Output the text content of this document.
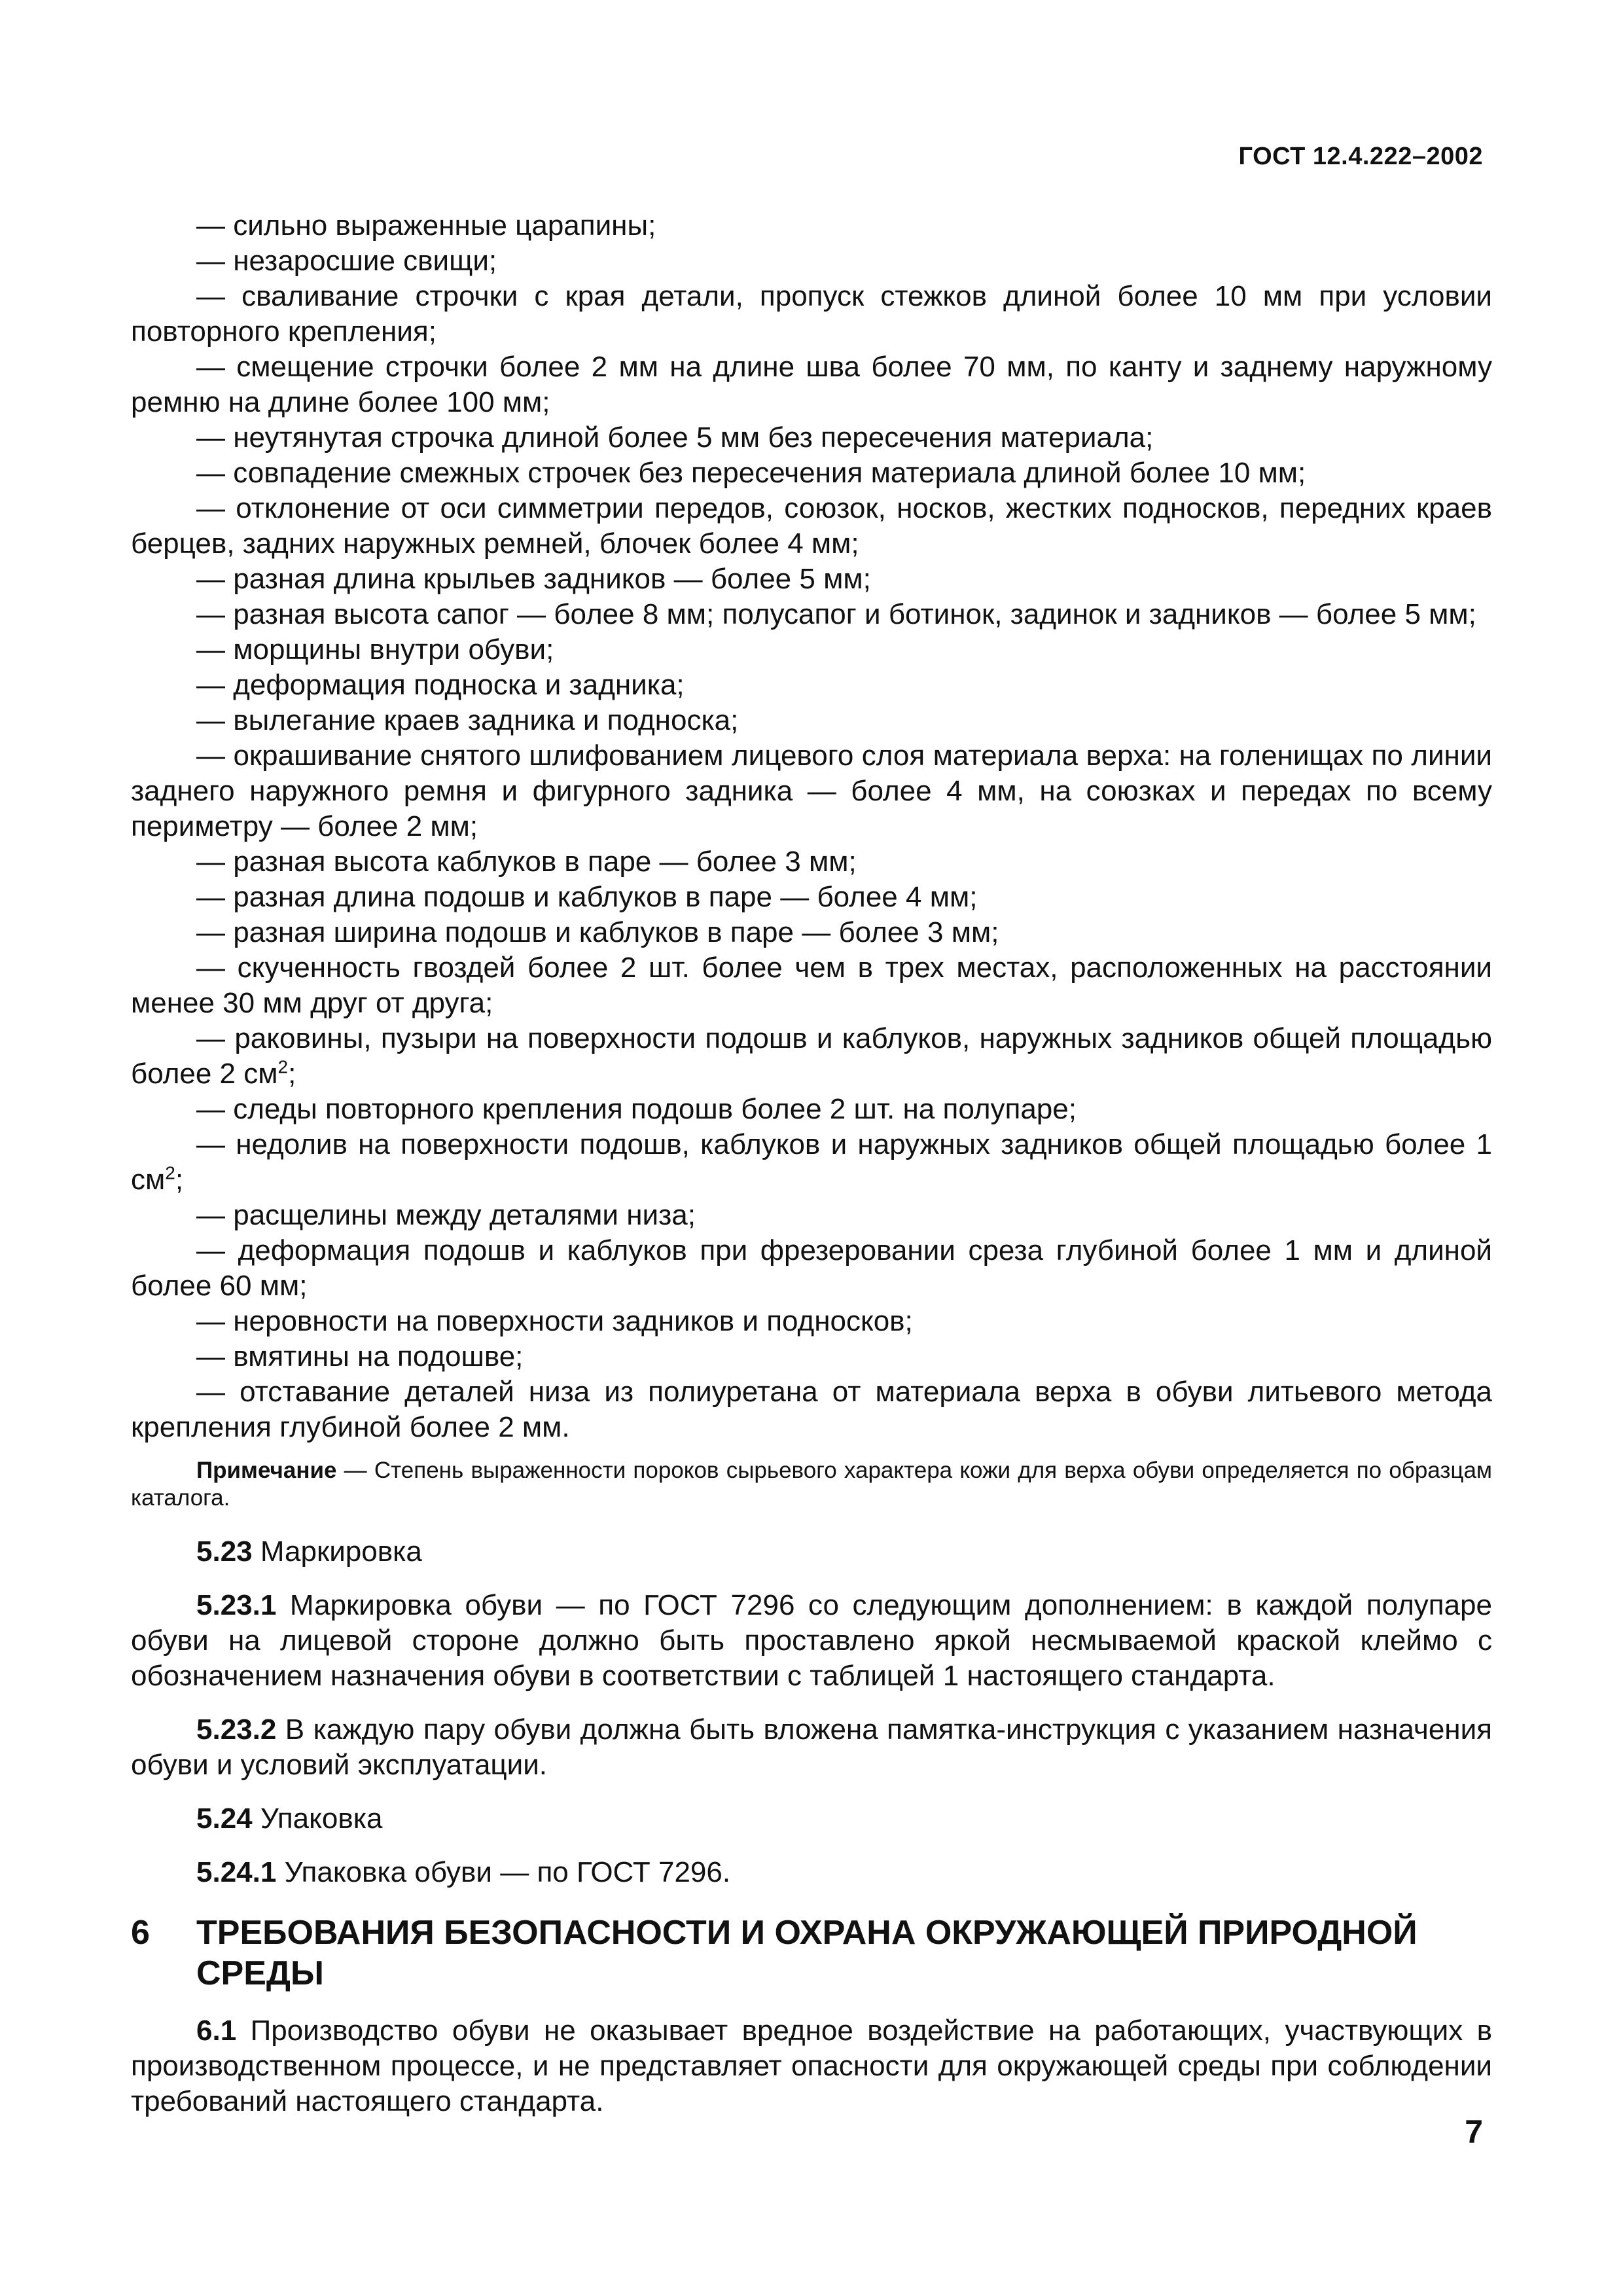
ГОСТ 12.4.222–2002

— сильно выраженные царапины;

— незаросшие свищи;

— сваливание строчки с края детали, пропуск стежков длиной более 10 мм при условии повторного крепления;

— смещение строчки более 2 мм на длине шва более 70 мм, по канту и заднему наружному ремню на длине более 100 мм;

— неутянутая строчка длиной более 5 мм без пересечения материала;

— совпадение смежных строчек без пересечения материала длиной более 10 мм;

— отклонение от оси симметрии передов, союзок, носков, жестких подносков, передних краев берцев, задних наружных ремней, блочек более 4 мм;

— разная длина крыльев задников — более 5 мм;

— разная высота сапог — более 8 мм; полусапог и ботинок, задинок и задников — более 5 мм;

— морщины внутри обуви;

— деформация подноска и задника;

— вылегание краев задника и подноска;

— окрашивание снятого шлифованием лицевого слоя материала верха: на голенищах по линии заднего наружного ремня и фигурного задника — более 4 мм, на союзках и передах по всему периметру — более 2 мм;

— разная высота каблуков в паре — более 3 мм;

— разная длина подошв и каблуков в паре — более 4 мм;

— разная ширина подошв и каблуков в паре — более 3 мм;

— скученность гвоздей более 2 шт. более чем в трех местах, расположенных на расстоянии менее 30 мм друг от друга;

— раковины, пузыри на поверхности подошв и каблуков, наружных задников общей площадью более 2 $см^2$;

— следы повторного крепления подошв более 2 шт. на полупаре;

— недолив на поверхности подошв, каблуков и наружных задников общей площадью более 1 $см^2$;

— расщелины между деталями низа;

— деформация подошв и каблуков при фрезеровании среза глубиной более 1 мм и длиной более 60 мм;

— неровности на поверхности задников и подносков;

— вмятины на подошве;

— отставание деталей низа из полиуретана от материала верха в обуви литьевого метода крепления глубиной более 2 мм.

Примечание — Степень выраженности пороков сырьевого характера кожи для верха обуви определяется по образцам каталога.

5.23 Маркировка

5.23.1 Маркировка обуви — по ГОСТ 7296 со следующим дополнением: в каждой полупаре обуви на лицевой стороне должно быть проставлено яркой несмываемой краской клеймо с обозначением назначения обуви в соответствии с таблицей 1 настоящего стандарта.

5.23.2 В каждую пару обуви должна быть вложена памятка-инструкция с указанием назначения обуви и условий эксплуатации.

5.24 Упаковка

5.24.1 Упаковка обуви — по ГОСТ 7296.

6 ТРЕБОВАНИЯ БЕЗОПАСНОСТИ И ОХРАНА ОКРУЖАЮЩЕЙ ПРИРОДНОЙ СРЕДЫ

6.1 Производство обуви не оказывает вредное воздействие на работающих, участвующих в производственном процессе, и не представляет опасности для окружающей среды при соблюдении требований настоящего стандарта.

7
